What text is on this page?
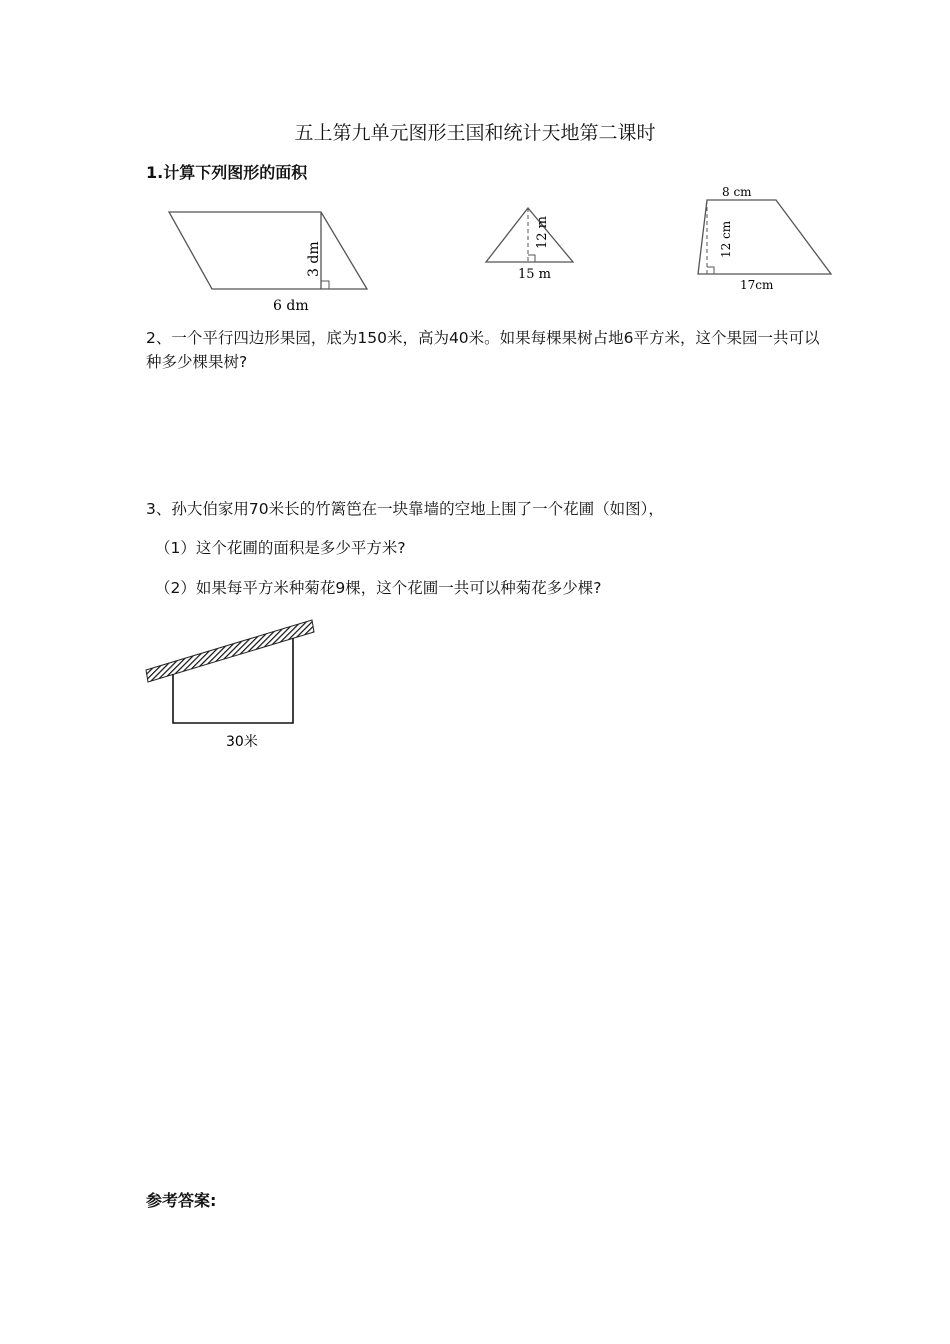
五上第九单元图形王国和统计天地第二课时
1.计算下列图形的面积
3 dm
6 dm
12 m
15 m
8 cm
12 cm
17cm
2、一个平行四边形果园，底为150米，高为40米。如果每棵果树占地6平方米，这个果园一共可以种多少棵果树?
3、孙大伯家用70米长的竹篱笆在一块靠墙的空地上围了一个花圃（如图），
（1）这个花圃的面积是多少平方米?
（2）如果每平方米种菊花9棵，这个花圃一共可以种菊花多少棵?
30米
参考答案:
